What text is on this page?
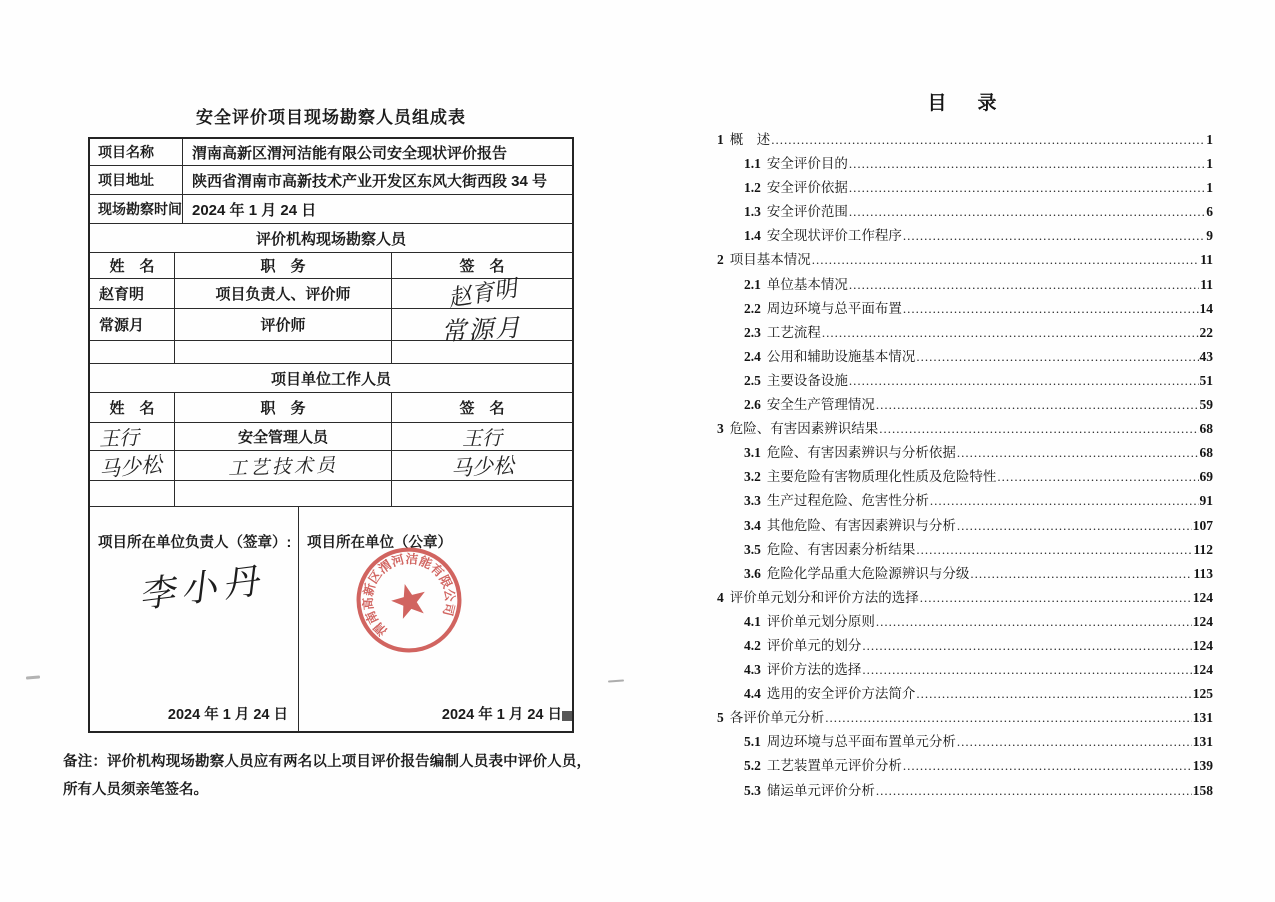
安全评价项目现场勘察人员组成表
项目名称	渭南高新区渭河洁能有限公司安全现状评价报告
项目地址	陕西省渭南市高新技术产业开发区东风大街西段 34 号
现场勘察时间 2024 年 1 月 24 日
评价机构现场勘察人员
姓　名	职　务	签　名
赵育明	项目负责人、评价师	赵育明
常源月	评价师	常源月
项目单位工作人员
姓　名	职　务	签　名
王行	安全管理人员	王行
马少松	工艺技术员	马少松
项目所在单位负责人（签章）:
2024 年 1 月 24 日
项目所在单位（公章）
2024 年 1 月 24 日
李小丹
渭南高新区渭河洁能有限公司
备注：评价机构现场勘察人员应有两名以上项目评价报告编制人员表中评价人员，所有人员须亲笔签名。
目　录
1 概　述 .....	1
1.1 安全评价目的 .....	1
1.2 安全评价依据 .....	1
1.3 安全评价范围 .....	6
1.4 安全现状评价工作程序 .....	9
2 项目基本情况 .....	11
2.1 单位基本情况 .....	11
2.2 周边环境与总平面布置 .....	14
2.3 工艺流程 .....	22
2.4 公用和辅助设施基本情况 .....	43
2.5 主要设备设施 .....	51
2.6 安全生产管理情况 .....	59
3 危险、有害因素辨识结果 .....	68
3.1 危险、有害因素辨识与分析依据 .....	68
3.2 主要危险有害物质理化性质及危险特性 .....	69
3.3 生产过程危险、危害性分析 .....	91
3.4 其他危险、有害因素辨识与分析 .....	107
3.5 危险、有害因素分析结果 .....	112
3.6 危险化学品重大危险源辨识与分级 .....	113
4 评价单元划分和评价方法的选择 .....	124
4.1 评价单元划分原则 .....	124
4.2 评价单元的划分 .....	124
4.3 评价方法的选择 .....	124
4.4 选用的安全评价方法简介 .....	125
5 各评价单元分析 .....	131
5.1 周边环境与总平面布置单元分析 .....	131
5.2 工艺装置单元评价分析 .....	139
5.3 储运单元评价分析 .....	158
